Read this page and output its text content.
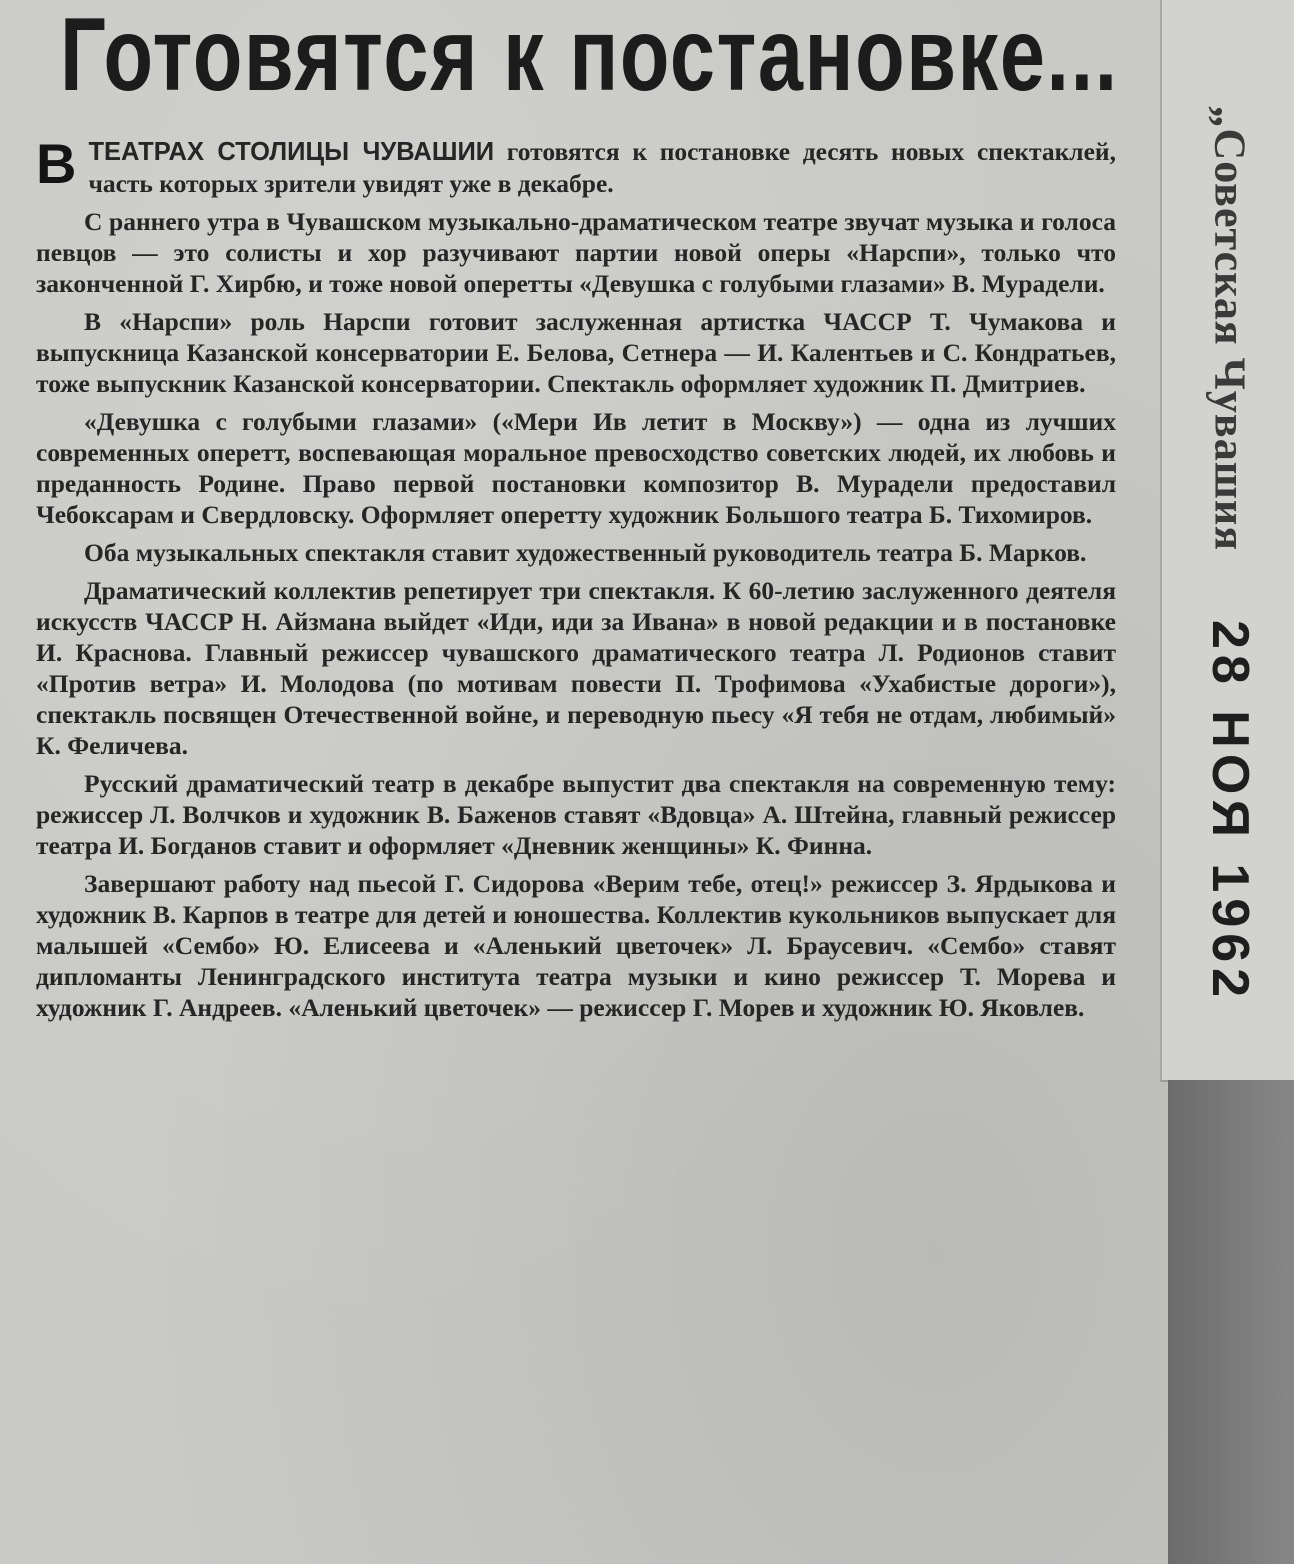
Готовятся к постановке...

ВТЕАТРАХ СТОЛИЦЫ ЧУВАШИИ готовятся к постановке десять новых спектаклей, часть которых зрители увидят уже в декабре.

С раннего утра в Чувашском музыкально-драматическом театре звучат музыка и голоса певцов — это солисты и хор разучивают партии новой оперы «Нарспи», только что законченной Г. Хирбю, и тоже новой оперетты «Девушка с голубыми глазами» В. Мурадели.

В «Нарспи» роль Нарспи готовит заслуженная артистка ЧАССР Т. Чумакова и выпускница Казанской консерватории Е. Белова, Сетнера — И. Калентьев и С. Кондратьев, тоже выпускник Казанской консерватории. Спектакль оформляет художник П. Дмитриев.

«Девушка с голубыми глазами» («Мери Ив летит в Москву») — одна из лучших современных оперетт, воспевающая моральное превосходство советских людей, их любовь и преданность Родине. Право первой постановки композитор В. Мурадели предоставил Чебоксарам и Свердловску. Оформляет оперетту художник Большого театра Б. Тихомиров.

Оба музыкальных спектакля ставит художественный руководитель театра Б. Марков.

Драматический коллектив репетирует три спектакля. К 60-летию заслуженного деятеля искусств ЧАССР Н. Айзмана выйдет «Иди, иди за Ивана» в новой редакции и в постановке И. Краснова. Главный режиссер чувашского драматического театра Л. Родионов ставит «Против ветра» И. Молодова (по мотивам повести П. Трофимова «Ухабистые дороги»), спектакль посвящен Отечественной войне, и переводную пьесу «Я тебя не отдам, любимый» К. Феличева.

Русский драматический театр в декабре выпустит два спектакля на современную тему: режиссер Л. Волчков и художник В. Баженов ставят «Вдовца» А. Штейна, главный режиссер театра И. Богданов ставит и оформляет «Дневник женщины» К. Финна.

Завершают работу над пьесой Г. Сидорова «Верим тебе, отец!» режиссер З. Ярдыкова и художник В. Карпов в театре для детей и юношества. Коллектив кукольников выпускает для малышей «Сембо» Ю. Елисеева и «Аленький цветочек» Л. Браусевич. «Сембо» ставят дипломанты Ленинградского института театра музыки и кино режиссер Т. Морева и художник Г. Андреев. «Аленький цветочек» — режиссер Г. Морев и художник Ю. Яковлев.

„Советская Чувашия
28 НОЯ 1962
